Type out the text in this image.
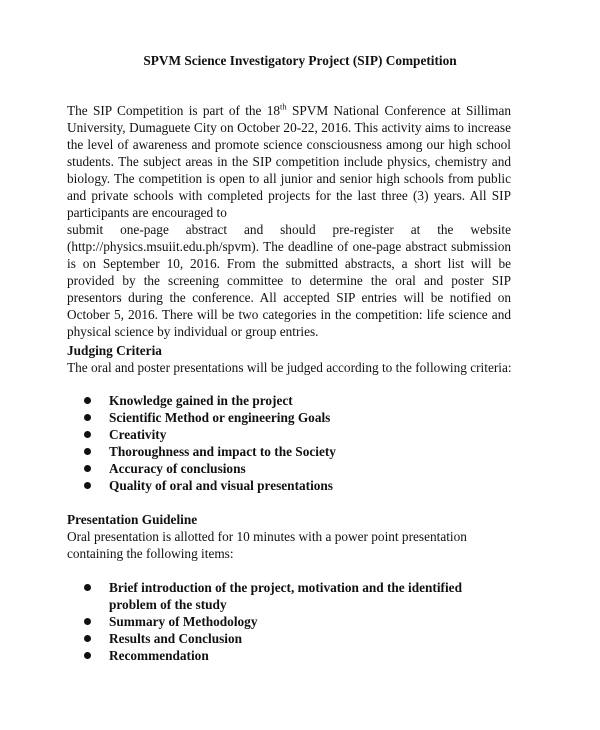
SPVM Science Investigatory Project (SIP) Competition
The SIP Competition is part of the 18th SPVM National Conference at Silliman University, Dumaguete City on October 20-22, 2016. This activity aims to increase the level of awareness and promote science consciousness among our high school students. The subject areas in the SIP competition include physics, chemistry and biology. The competition is open to all junior and senior high schools from public and private schools with completed projects for the last three (3) years. All SIP participants are encouraged to
submit one-page abstract and should pre-register at the website
(http://physics.msuiit.edu.ph/spvm). The deadline of one-page abstract submission is on September 10, 2016. From the submitted abstracts, a short list will be provided by the screening committee to determine the oral and poster SIP presentors during the conference. All accepted SIP entries will be notified on October 5, 2016. There will be two categories in the competition: life science and physical science by individual or group entries.
Judging Criteria
The oral and poster presentations will be judged according to the following criteria:
Knowledge gained in the project
Scientific Method or engineering Goals
Creativity
Thoroughness and impact to the Society
Accuracy of conclusions
Quality of oral and visual presentations
Presentation Guideline
Oral presentation is allotted for 10 minutes with a power point presentation containing the following items:
Brief introduction of the project, motivation and the identified problem of the study
Summary of Methodology
Results and Conclusion
Recommendation
